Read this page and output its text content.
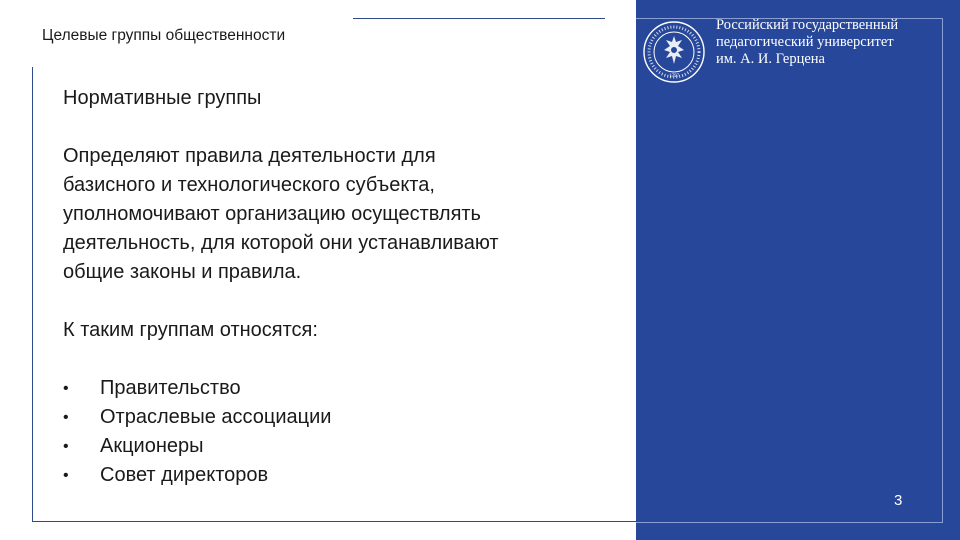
Целевые группы общественности
Нормативные группы
Определяют правила деятельности для
базисного и технологического субъекта,
уполномочивают организацию осуществлять
деятельность, для которой они устанавливают
общие законы и правила.
К таким группам относятся:
• Правительство
• Отраслевые ассоциации
• Акционеры
• Совет директоров
1797
Российский государственный
педагогический университет
им. А. И. Герцена
3
